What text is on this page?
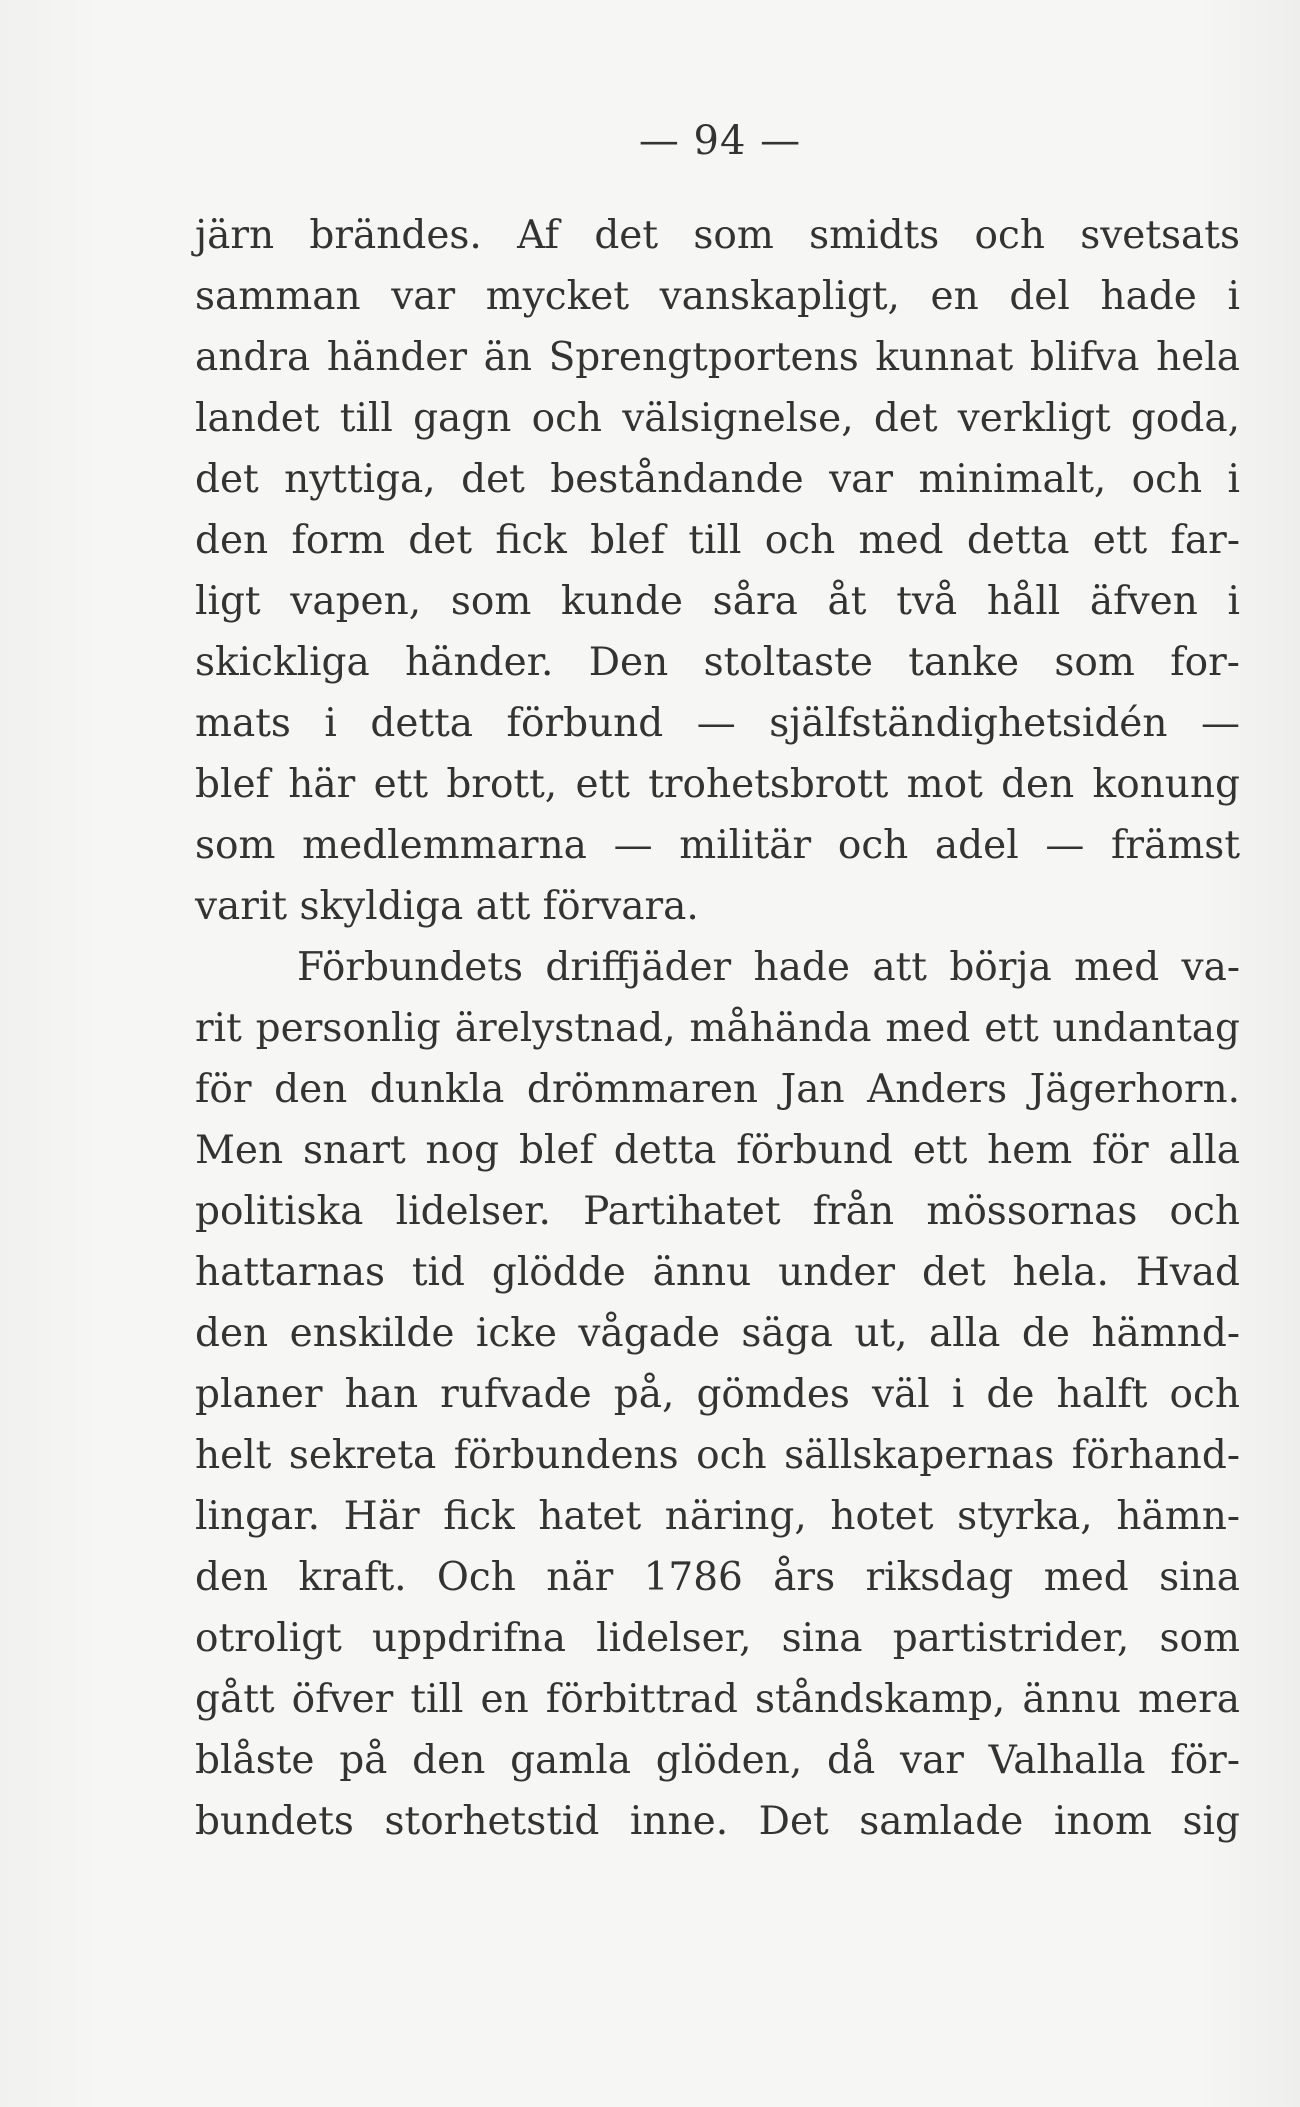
— 94 —
järn brändes. Af det som smidts och svetsats
samman var mycket vanskapligt, en del hade i
andra händer än Sprengtportens kunnat blifva hela
landet till gagn och välsignelse, det verkligt goda,
det nyttiga, det beståndande var minimalt, och i
den form det fick blef till och med detta ett far-
ligt vapen, som kunde såra åt två håll äfven i
skickliga händer. Den stoltaste tanke som for-
mats i detta förbund — själfständighetsidén —
blef här ett brott, ett trohetsbrott mot den konung
som medlemmarna — militär och adel — främst
varit skyldiga att förvara.
Förbundets driffjäder hade att börja med va-
rit personlig ärelystnad, måhända med ett undantag
för den dunkla drömmaren Jan Anders Jägerhorn.
Men snart nog blef detta förbund ett hem för alla
politiska lidelser. Partihatet från mössornas och
hattarnas tid glödde ännu under det hela. Hvad
den enskilde icke vågade säga ut, alla de hämnd-
planer han rufvade på, gömdes väl i de halft och
helt sekreta förbundens och sällskapernas förhand-
lingar. Här fick hatet näring, hotet styrka, hämn-
den kraft. Och när 1786 års riksdag med sina
otroligt uppdrifna lidelser, sina partistrider, som
gått öfver till en förbittrad ståndskamp, ännu mera
blåste på den gamla glöden, då var Valhalla för-
bundets storhetstid inne. Det samlade inom sig
